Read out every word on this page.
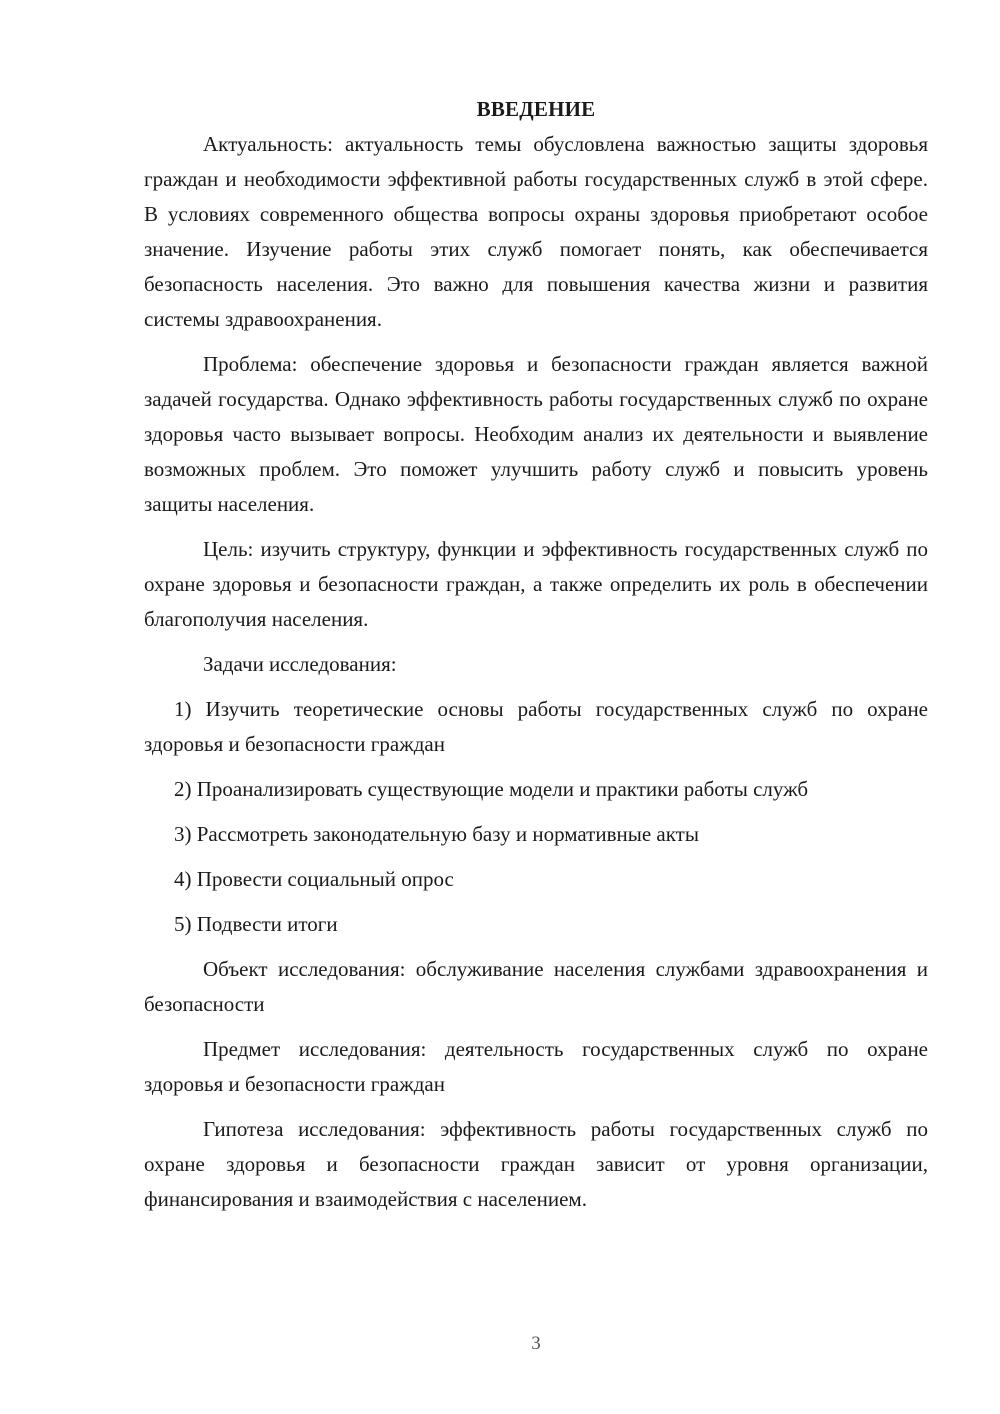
ВВЕДЕНИЕ

Актуальность: актуальность темы обусловлена важностью защиты здоровья граждан и необходимости эффективной работы государственных служб в этой сфере. В условиях современного общества вопросы охраны здоровья приобретают особое значение. Изучение работы этих служб помогает понять, как обеспечивается безопасность населения. Это важно для повышения качества жизни и развития системы здравоохранения.

Проблема: обеспечение здоровья и безопасности граждан является важной задачей государства. Однако эффективность работы государственных служб по охране здоровья часто вызывает вопросы. Необходим анализ их деятельности и выявление возможных проблем. Это поможет улучшить работу служб и повысить уровень защиты населения.

Цель: изучить структуру, функции и эффективность государственных служб по охране здоровья и безопасности граждан, а также определить их роль в обеспечении благополучия населения.

Задачи исследования:

1) Изучить теоретические основы работы государственных служб по охране здоровья и безопасности граждан
2) Проанализировать существующие модели и практики работы служб
3) Рассмотреть законодательную базу и нормативные акты
4) Провести социальный опрос
5) Подвести итоги

Объект исследования: обслуживание населения службами здравоохранения и безопасности

Предмет исследования: деятельность государственных служб по охране здоровья и безопасности граждан

Гипотеза исследования: эффективность работы государственных служб по охране здоровья и безопасности граждан зависит от уровня организации, финансирования и взаимодействия с населением.

3
